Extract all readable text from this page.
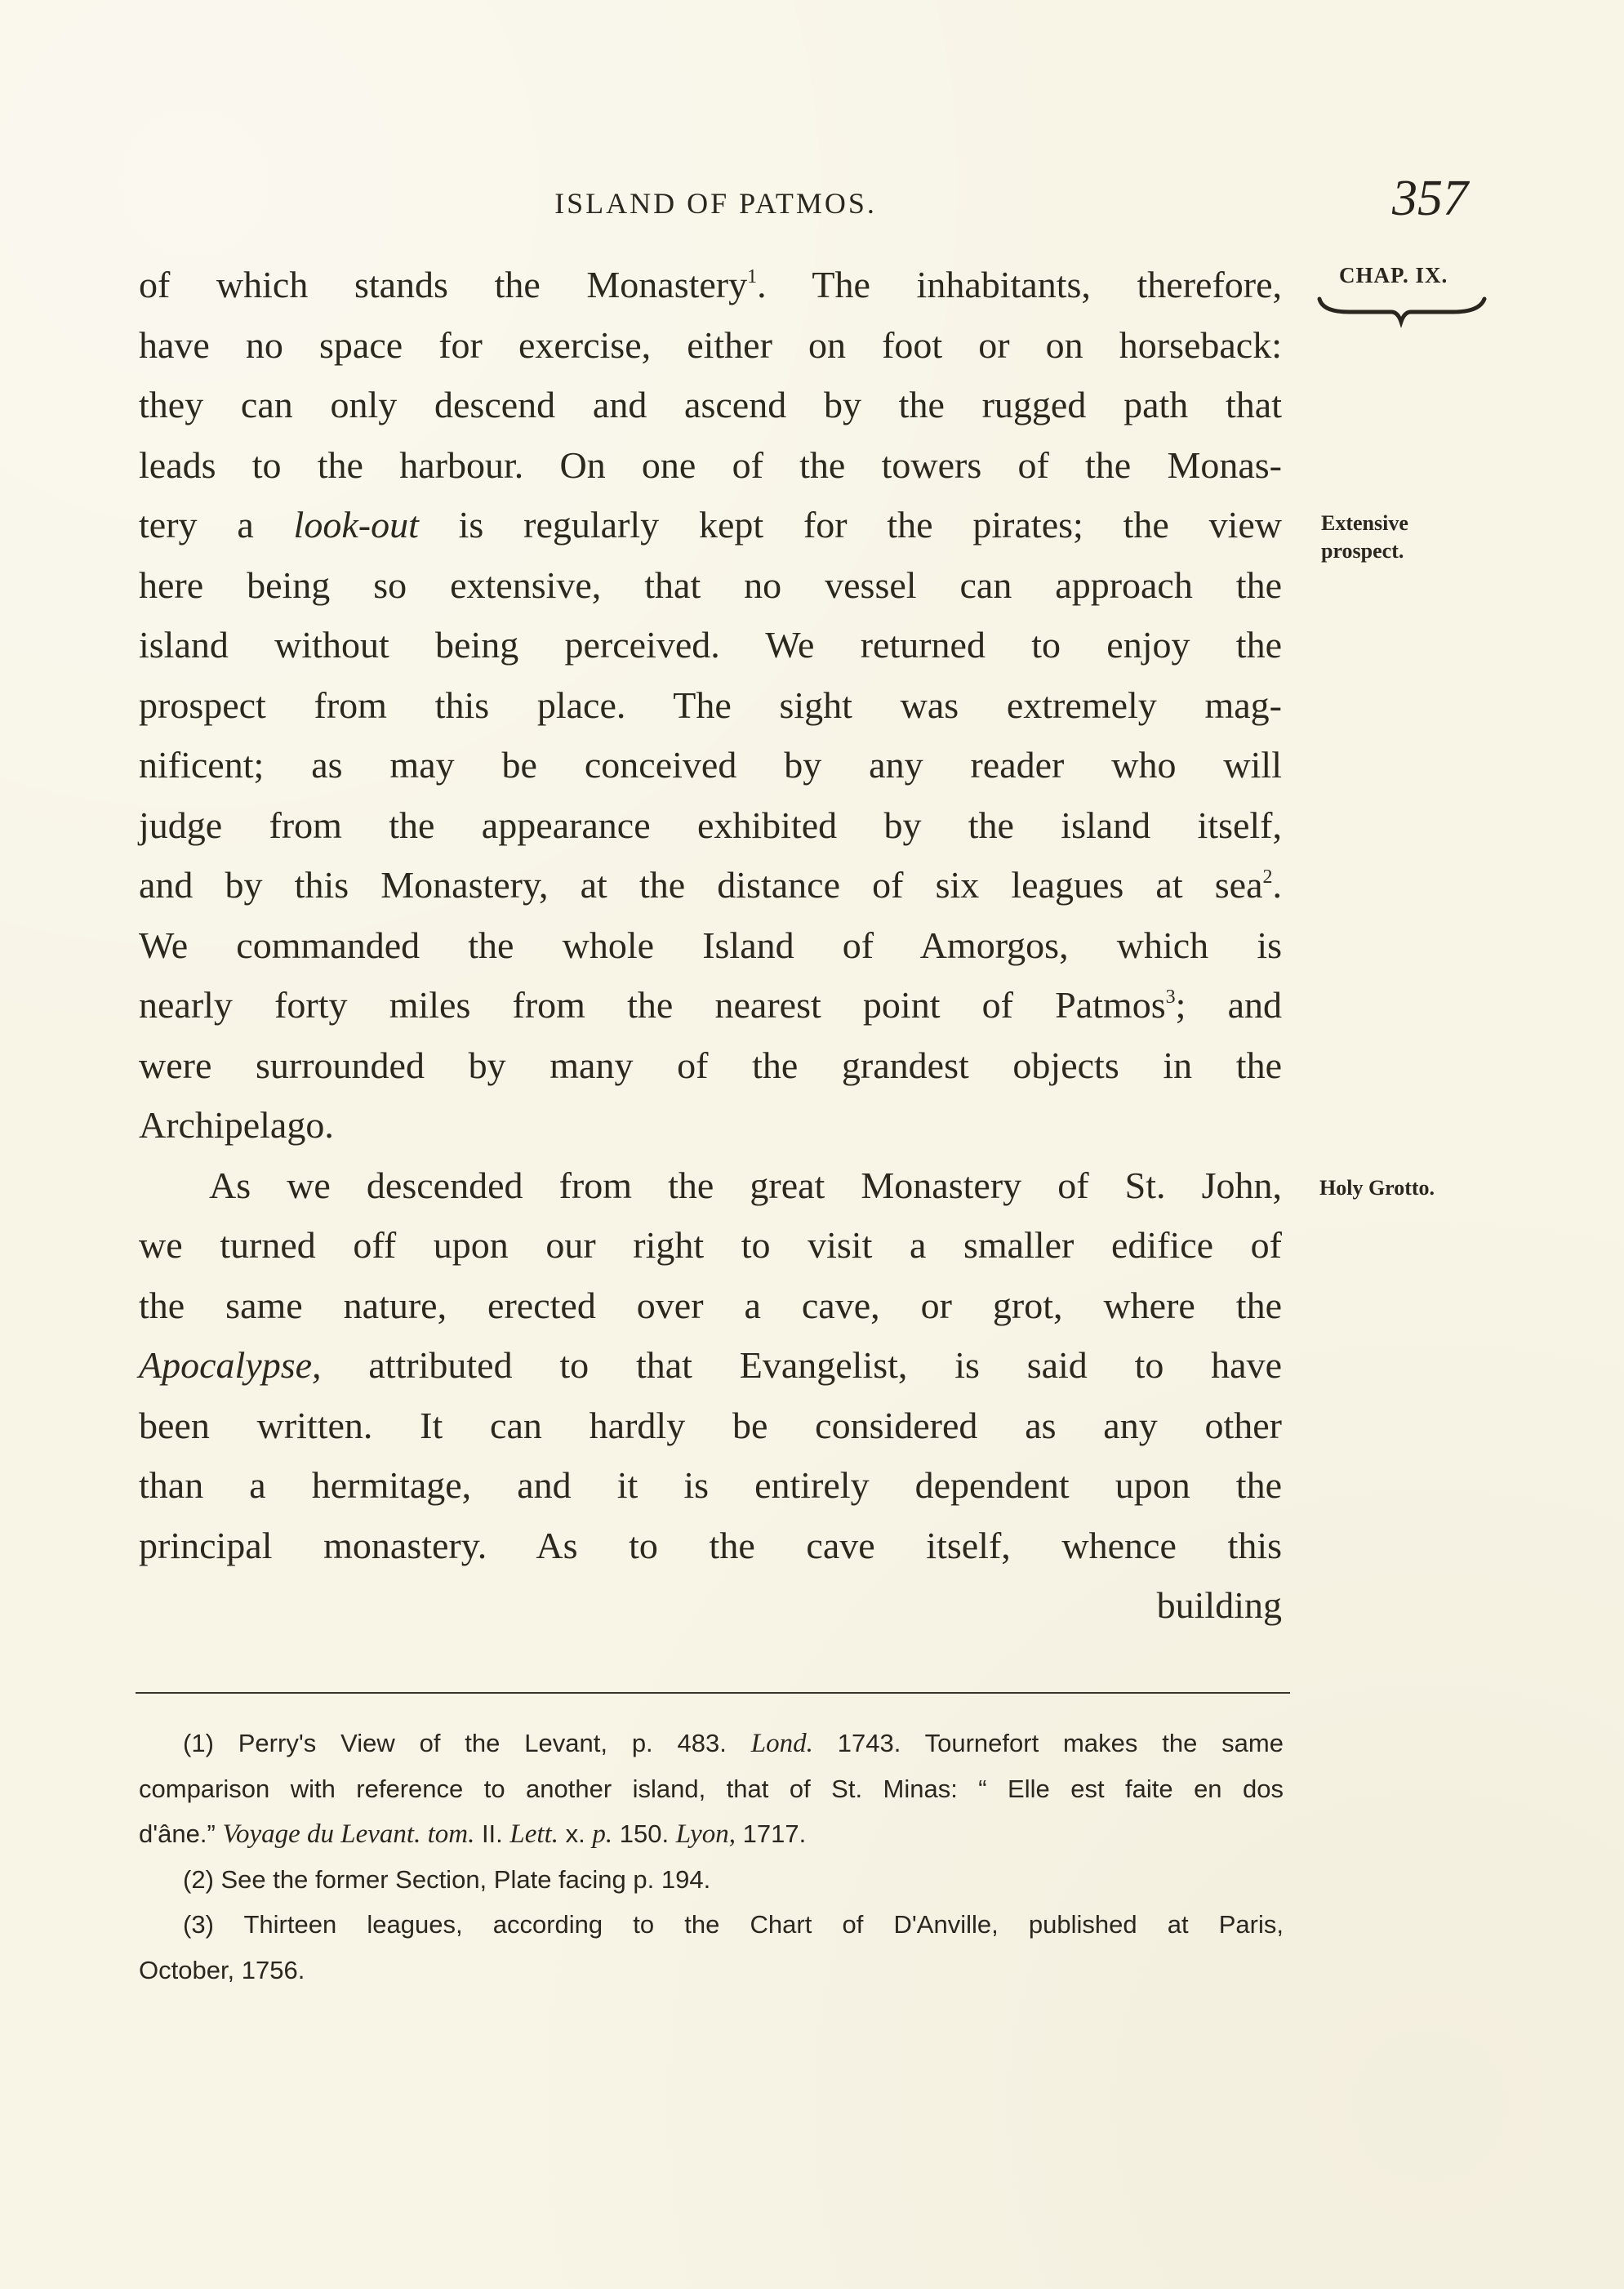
ISLAND OF PATMOS.	357
CHAP. IX.
Extensive
prospect.
Holy Grotto.
of which stands the Monastery$^1$. The inhabitants, therefore,
have no space for exercise, either on foot or on horseback:
they can only descend and ascend by the rugged path that
leads to the harbour. On one of the towers of the Monas-
tery a look-out is regularly kept for the pirates; the view
here being so extensive, that no vessel can approach the
island without being perceived. We returned to enjoy the
prospect from this place. The sight was extremely mag-
nificent; as may be conceived by any reader who will
judge from the appearance exhibited by the island itself,
and by this Monastery, at the distance of six leagues at sea$^2$.
We commanded the whole Island of Amorgos, which is
nearly forty miles from the nearest point of Patmos$^3$; and
were surrounded by many of the grandest objects in the
Archipelago.
As we descended from the great Monastery of St. John,
we turned off upon our right to visit a smaller edifice of
the same nature, erected over a cave, or grot, where the
Apocalypse, attributed to that Evangelist, is said to have
been written. It can hardly be considered as any other
than a hermitage, and it is entirely dependent upon the
principal monastery. As to the cave itself, whence this
building
(1) Perry's View of the Levant, p. 483. Lond. 1743. Tournefort makes the same
comparison with reference to another island, that of St. Minas: “ Elle est faite en dos
d'âne.” Voyage du Levant. tom. II. Lett. x. p. 150. Lyon, 1717.
(2) See the former Section, Plate facing p. 194.
(3) Thirteen leagues, according to the Chart of D'Anville, published at Paris,
October, 1756.
